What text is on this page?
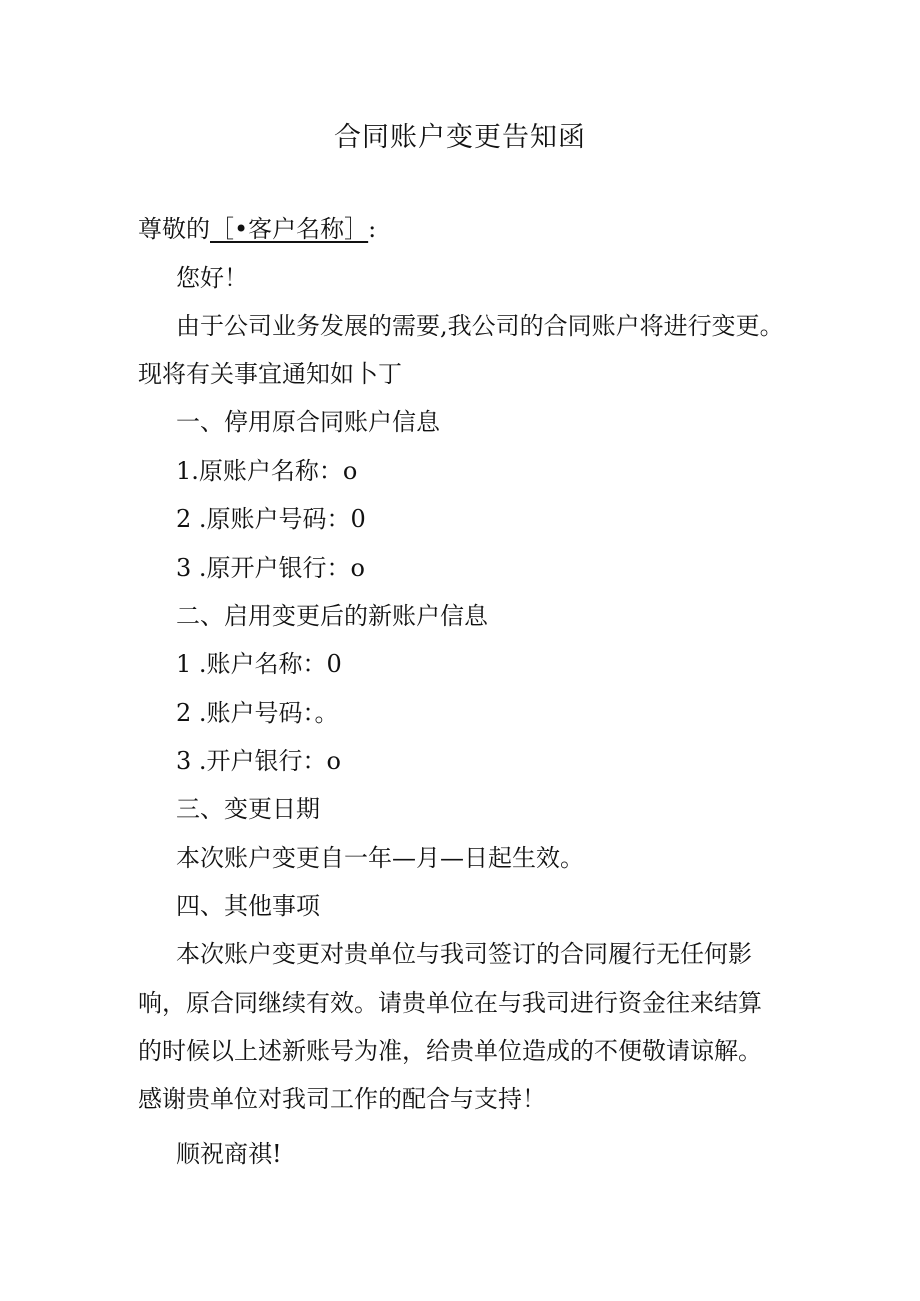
合同账户变更告知函
尊敬的［•客户名称］:
您好！
由于公司业务发展的需要,我公司的合同账户将进行变更。
现将有关事宜通知如卜丁
一、停用原合同账户信息
1.原账户名称：o
2 .原账户号码：0
3 .原开户银行：o
二、启用变更后的新账户信息
1 .账户名称：0
2 .账户号码：。
3 .开户银行：o
三、变更日期
本次账户变更自一年—月—日起生效。
四、其他事项
本次账户变更对贵单位与我司签订的合同履行无任何影
响，原合同继续有效。请贵单位在与我司进行资金往来结算
的时候以上述新账号为准，给贵单位造成的不便敬请谅解。
感谢贵单位对我司工作的配合与支持！
顺祝商祺!
